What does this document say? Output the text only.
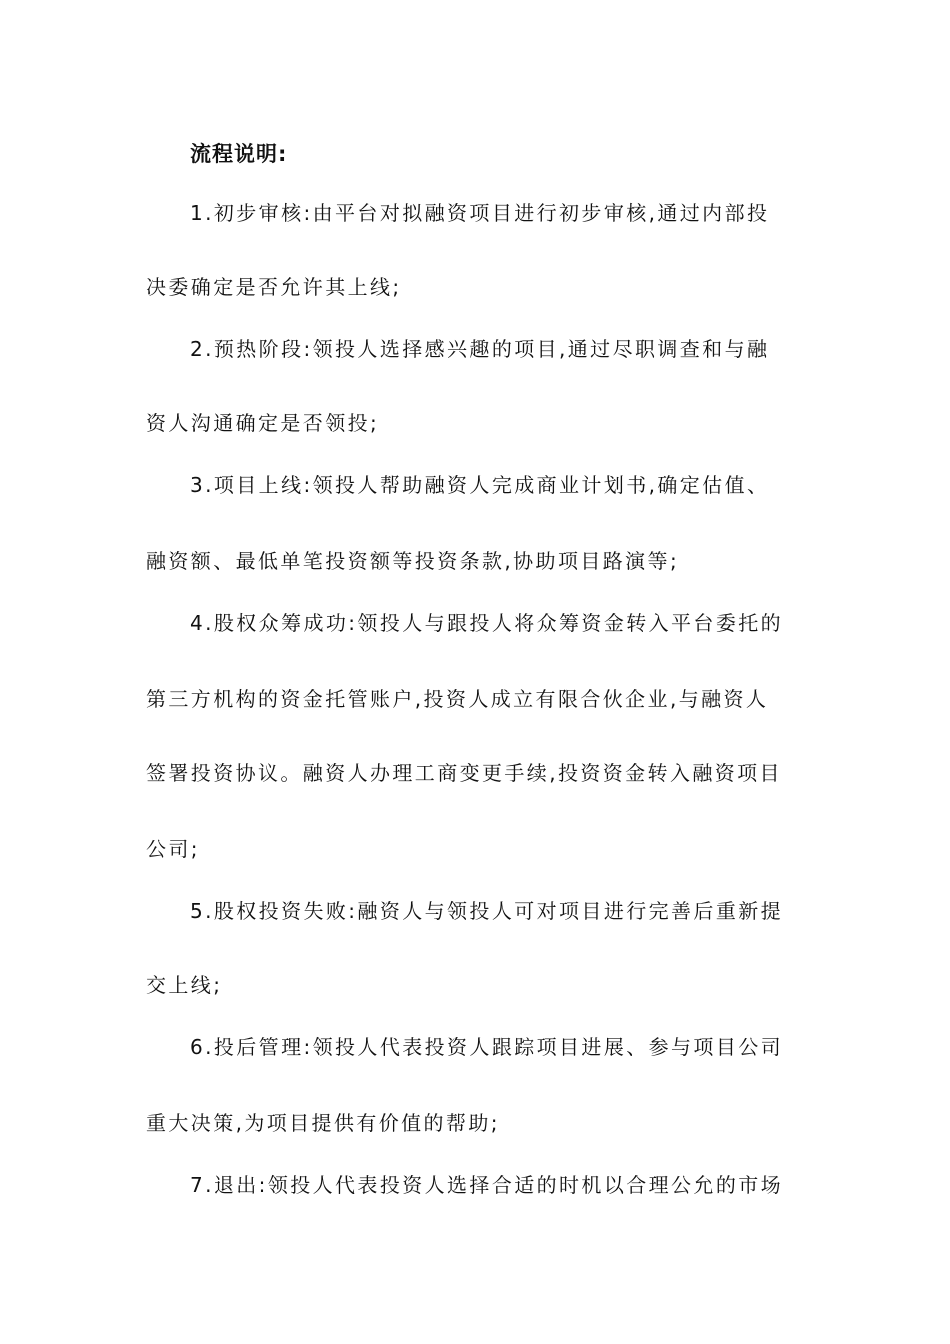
流程说明:
1.初步审核:由平台对拟融资项目进行初步审核,通过内部投
决委确定是否允许其上线;
2.预热阶段:领投人选择感兴趣的项目,通过尽职调查和与融
资人沟通确定是否领投;
3.项目上线:领投人帮助融资人完成商业计划书,确定估值、
融资额、最低单笔投资额等投资条款,协助项目路演等;
4.股权众筹成功:领投人与跟投人将众筹资金转入平台委托的
第三方机构的资金托管账户,投资人成立有限合伙企业,与融资人
签署投资协议。融资人办理工商变更手续,投资资金转入融资项目
公司;
5.股权投资失败:融资人与领投人可对项目进行完善后重新提
交上线;
6.投后管理:领投人代表投资人跟踪项目进展、参与项目公司
重大决策,为项目提供有价值的帮助;
7.退出:领投人代表投资人选择合适的时机以合理公允的市场
